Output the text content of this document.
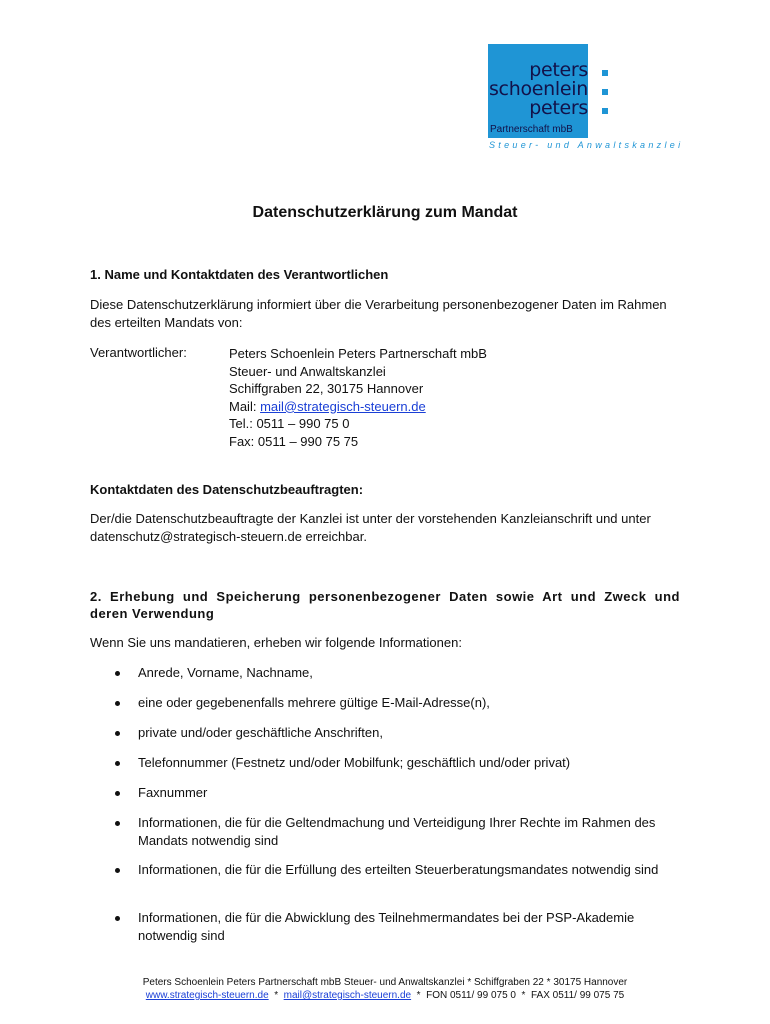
peters
schoenlein
peters
Partnerschaft mbB
Steuer- und Anwaltskanzlei
Datenschutzerklärung zum Mandat
1. Name und Kontaktdaten des Verantwortlichen

Diese Datenschutzerklärung informiert über die Verarbeitung personenbezogener Daten im Rahmen des erteilten Mandats von:

Verantwortlicher:	Peters Schoenlein Peters Partnerschaft mbB
Steuer- und Anwaltskanzlei
Schiffgraben 22, 30175 Hannover
Mail: mail@strategisch-steuern.de
Tel.: 0511 – 990 75 0
Fax: 0511 – 990 75 75
Kontaktdaten des Datenschutzbeauftragten:

Der/die Datenschutzbeauftragte der Kanzlei ist unter der vorstehenden Kanzleianschrift und unter datenschutz@strategisch-steuern.de erreichbar.

2. Erhebung und Speicherung personenbezogener Daten sowie Art und Zweck und deren Verwendung

Wenn Sie uns mandatieren, erheben wir folgende Informationen:

Anrede, Vorname, Nachname,
eine oder gegebenenfalls mehrere gültige E-Mail-Adresse(n),
private und/oder geschäftliche Anschriften,
Telefonnummer (Festnetz und/oder Mobilfunk; geschäftlich und/oder privat)
Faxnummer
Informationen, die für die Geltendmachung und Verteidigung Ihrer Rechte im Rahmen des Mandats notwendig sind
Informationen, die für die Erfüllung des erteilten Steuerberatungsmandates notwendig sind
Informationen, die für die Abwicklung des Teilnehmermandates bei der PSP-Akademie notwendig sind
Peters Schoenlein Peters Partnerschaft mbB Steuer- und Anwaltskanzlei * Schiffgraben 22 * 30175 Hannover
www.strategisch-steuern.de  *  mail@strategisch-steuern.de  *  FON 0511/ 99 075 0  *  FAX 0511/ 99 075 75
